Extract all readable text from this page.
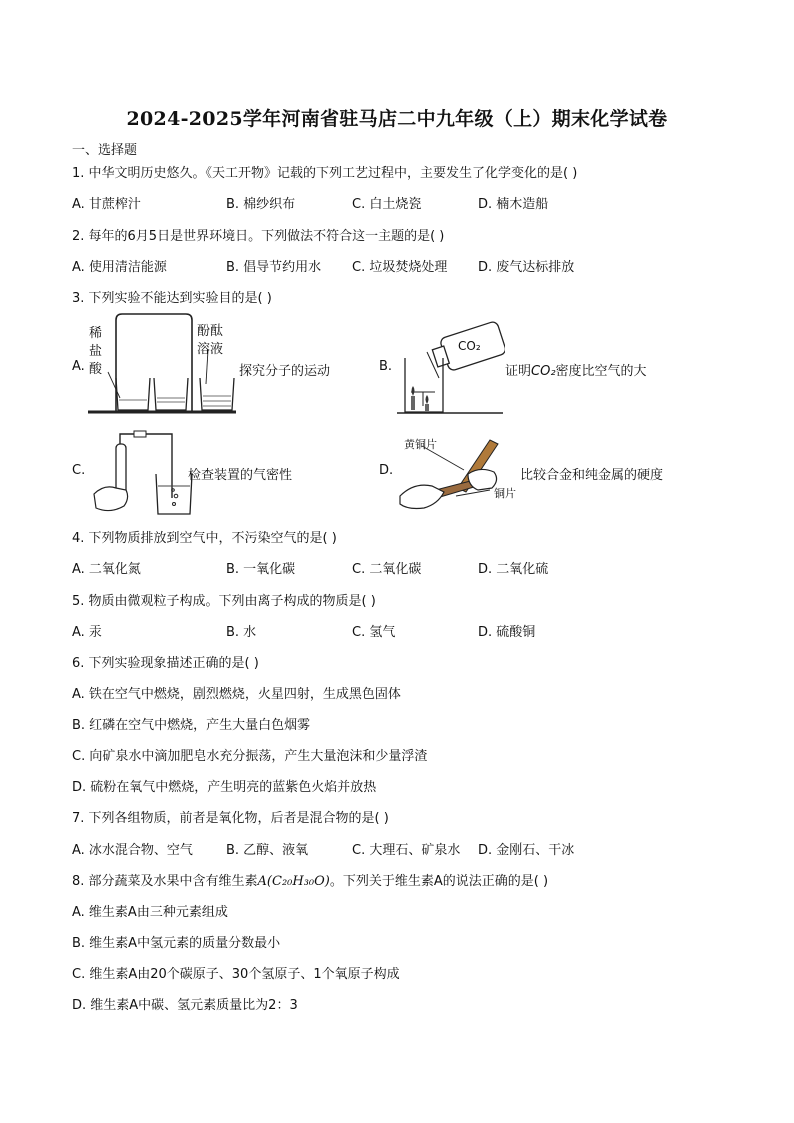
2024-2025学年河南省驻马店二中九年级（上）期末化学试卷
一、选择题
1. 中华文明历史悠久。《天工开物》记载的下列工艺过程中，主要发生了化学变化的是( )
A. 甘蔗榨汁	B. 棉纱织布	C. 白土烧瓷	D. 楠木造船
2. 每年的6月5日是世界环境日。下列做法不符合这一主题的是( )
A. 使用清洁能源	B. 倡导节约用水 C. 垃圾焚烧处理 D. 废气达标排放
3. 下列实验不能达到实验目的是( )
A.
稀
盐
酸
酚酞
溶液
探究分子的运动	B.
CO₂
证明CO₂密度比空气的大
C.	检查装置的气密性	D.
黄铜片
铜片
比较合金和纯金属的硬度
4. 下列物质排放到空气中，不污染空气的是( )
A. 二氧化氮	B. 一氧化碳	C. 二氧化碳	D. 二氧化硫
5. 物质由微观粒子构成。下列由离子构成的物质是( )
A. 汞	B. 水	C. 氢气	D. 硫酸铜
6. 下列实验现象描述正确的是( )
A. 铁在空气中燃烧，剧烈燃烧，火星四射，生成黑色固体
B. 红磷在空气中燃烧，产生大量白色烟雾
C. 向矿泉水中滴加肥皂水充分振荡，产生大量泡沫和少量浮渣
D. 硫粉在氧气中燃烧，产生明亮的蓝紫色火焰并放热
7. 下列各组物质，前者是氧化物，后者是混合物的是( )
A. 冰水混合物、空气	B. 乙醇、液氧	C. 大理石、矿泉水 D. 金刚石、干冰
8. 部分蔬菜及水果中含有维生素A(C₂₀H₃₀O)。下列关于维生素A的说法正确的是( )
A. 维生素A由三种元素组成
B. 维生素A中氢元素的质量分数最小
C. 维生素A由20个碳原子、30个氢原子、1个氧原子构成
D. 维生素A中碳、氢元素质量比为2：3
